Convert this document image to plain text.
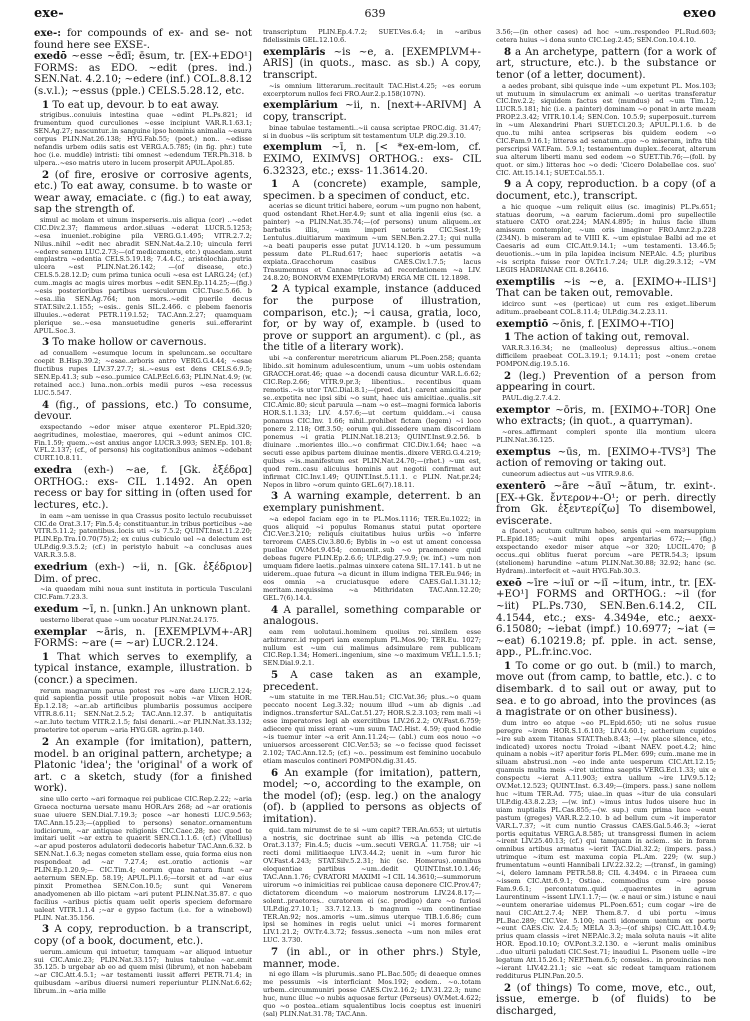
exe-	639	exeo

exe-: for compounds of ex- and se- not found here see EXSE-.

exedō ~esse ~ēdī; ēsum, tr. [EX-+EDO¹] FORMS: as EDO. ~edit (pres. ind.) SEN.Nat. 4.2.10; ~edere (inf.) COL.8.8.12 (s.v.l.); ~essus (pple.) CELS.5.28.12, etc.

1 To eat up, devour. b to eat away.

strigibus..conuiuis intestina quae ~edint PL.Ps.821; id frumentum quod curculiones ~esse incipiunt VAR.R.1.63.1; SEN.Ag.27; nascuntur..in sanguine ipso hominis animalia ~esura corpus PLIN.Nat.26.138; HYG.Fab.55; (poet.) non.. ~edisse nefandis urbem odiis satis est VERG.A.5.785; (in fig. phr.) tute hoc (i.e. muddle) intristi: tibi omnest ~edendum TER.Ph.318. b ulpera..~eso matris utero in lucem proserpit APUL.Apol.85.

2 (of fire, erosive or corrosive agents, etc.) To eat away, consume. b to waste or wear away, emaciate. c (fig.) to eat away, sap the strength of.

simul ac molam et uinum insperseris..uis aliqua (cor) ..~edet CIC.Div.2.37; flammeus ardor..siluas ~ederat LUCR.5.1253; ~esa inueniet..robigine pila VERG.G.1.495; VITR.2.7.2; Nilus..nihil ~edit nec abradit SEN.Nat.4a.2.10; uincula ferri ~edere senem LUC.2.73;—(of medicaments, etc.) quaedam..sunt emplastra ~edentia CELS.5.19.18; 7.4.4.C.; aristolochia..putria ulcera ~est PLIN.Nat.26.142; —(of disease, etc.) CELS.5.28.12.D; cum prima tunica oculi ~esa est LARG.24; (cf.) cum..magis ac magis uires morbus ~edit SEN.Ep.114.25;—(fig.) ~esis posterioribus partibus uersiculorum CIC.Tusc.5.66. b ~esa..ilia SEN.Ag.764; non mors..~edit puerile decus STAT.Silv.2.1.155; ~esis.. genis SIL.2.466. c plebem faenoris illuuies..~ederat PETR.119.l.52; TAC.Ann.2.27; quamquam plerique se..~esa mansuetudine generis sui..efferarint APUL.Soc.3.

3 To make hollow or cavernous.

ad conuallem ~esumque locum in speluncam..se occultare coepit B.Hisp.39.2; ~esae..arboris antro VERG.G.4.44; ~esae fluctibus rupes LIV.37.27.7; si..~esus est dens CELS.6.9.5; SEN.Ep.41.3; sub ~eso..pumice CALP.Ecl.6.63; PLIN.Nat.4.9; (w. retained acc.) luna..non..orbis medii puros ~esa recessus LUC.5.547.

4 (fig., of passions, etc.) To consume, devour.

exspectando ~edor miser atque exenteror PL.Epid.320; aegritudines, molestiae, maerores, qui ~edunt animos CIC. Fin.1.59; quem..~est anxius angor LUCR.3.993; SEN.Ep. 101.8; V.FL.2.137; (cf., of persons) his cogitationibus animos ~edebant CURT.10.8.11.

exedra (exh-) ~ae, f. [Gk. ἐξέδρα] ORTHOG.: exs- CIL 1.1492. An open recess or bay for sitting in (often used for lectures, etc.).

in eam ~am uenisse in qua Crassus posito lectulo recubuisset CIC.de Orat.3.17; Fin.5.4; constituantur..in tribus porticibus ~ae VITR.5.11.2; patentibus..locis uti ~is 7.5.2; QUINT.Inst.11.2.20; PLIN.Ep.Tra.10.70(75).2; ex cuius cubiculo uel ~a delectum est ULP.dig.9.3.5.2; (cf.) in peristylo habuit ~a conclusas aues VAR.R.3.5.8.

exedrium (exh-) ~ii, n. [Gk. ἐξέδριον] Dim. of prec.

~ia quaedam mihi noua sunt instituta in porticula Tusculani CIC.Fam.7.23.3.

exedum ~ī, n. [unkn.] An unknown plant.

uesterno liberat quae ~um uocatur PLIN.Nat.24.175.

exemplar ~āris, n. [EXEMPLVM+-AR] FORMS: ~are (= ~ar) LUCR.2.124.

1 That which serves to exemplify, a typical instance, example, illustration. b (concr.) a specimen.

rerum magnarum parua potest res ~are dare LUCR.2.124; quid sapientia possit utile proposuit nobis ~ar Vlixen HOR. Ep.1.2.18; ~ar..ab artificibus plumbariis possumus accipere VITR.8.6.11; SEN.Nat.2.5.2; TAC.Ann.12.37. b antiquitatis ~ar..luto tectum VITR.2.1.5; falsi denarii..~ar PLIN.Nat.33.132; praeterire tot operum ~aria HYG.GR. agrim.p.140.

2 An example (for imitation), pattern, model. b an original pattern, archetype; a Platonic 'idea'; the 'original' of a work of art. c a sketch, study (for a finished work).

sine ullo certo ~ari formaque rei publicae CIC.Rep.2.22; ~aria Graeca nocturna uersate manu HOR.Ars 268; ad ~ar orationis suae uiuere SEN.Dial.7.19.3; posce ~ar honesti LUC.9.563; TAC.Ann.15.23;—(applied to persons) senator..ornamentum iudiciorum, ~ar antiquae religionis CIC.Caec.28; nec quod te imitari uelit ~ar extra te quaerit SEN.Cl.1.1.6. (cf.) (Vitellius) ~ar apud posteros adulatorii dedecoris habetur TAC.Ann.6.32. b SEN.Nat.1.6.3; negas cometen stellam esse, quia forma eius non respondeat ad ~ar 7.27.4; est..oratio actionis ~ar PLIN.Ep.1.20.9;— CIC.Tim.4; eorum quae natura fiunt ~ar aeternum SEN.Ep. 58.19; APUL.Pl.1.6;—torsit et ad ~ar eius pinxit Promethea SEN.Con.10.5; sunt qui Venerem anadyomenen ab illo pictam ~ari putent PLIN.Nat.35.87. c quo facilius ~aribus pictis quam uelit operis speciem deformare ualeat VITR.1.1.4 ;~ar e gypso factum (i.e. for a winebowl) PLIN. Nat.35.156.

3 A copy, reproduction. b a transcript, copy (of a book, document, etc.).

uerum..amicum qui intuetur, tamquam ~ar aliquod intuetur sui CIC.Amic.23; PLIN.Nat.33.157; huius tabulae ~ar..emit 35.125. b urgebar ab eo ad quem misi (librum), et non habebam ~ar CIC.Att.4.5.1; ~ar testamenti iussit afferri PETR.71.4; in quibusdam ~aribus diuersi numeri reperiuntur PLIN.Nat.6.62; librum..in ~aria mille

transcriptum PLIN.Ep.4.7.2; SUET.Ves.6.4; in ~aribus fidelissimis GEL.12.10.6.

exemplāris ~is ~e, a. [EXEMPLVM+-ARIS] (in quots., masc. as sb.) A copy, transcript.

~is omnium litterarum..recitault TAC.Hist.4.25; ~es eorum excerptorum nullos feci FRO.Aur.2.p.158(107N).

exemplārium ~ii, n. [next+-ARIVM] A copy, transcript.

binae tabulae testamenti..~ii causa scriptae PROC.dig. 31.47; si in duobus ~iis scriptum sit testamentum ULP. dig.29.3.10.

exemplum ~ī, n. [< *ex-em-lom, cf. EXIMO, EXIMVS] ORTHOG.: exs- CIL 6.32323, etc.; exss- 11.3614.20.

1 A (concrete) example, sample, specimen. b a specimen of conduct, etc.

acerias se dicunt tritici habere, eorum ~um pugno non habent, quod ostendant Rhet.Her.4.9; sunt et alia ingenii eius (sc. a painter) ~a PLIN.Nat.35.74;—(of persons) unum aliquem..ex barbatis illis, ~um imperi ueteris CIC.Sest.19; Lentulus..diuitiarum maximum ~um SEN.Ben.2.27.1; qui nulla ~a beati pauperis esse putat JUV.14.120. b ~um pessumum pessum date PL.Rud.617; haec superioris aetatis ~a expiata..Gracchorum casibus CAES.Civ.1.7.5; lacus Trasumennus et Cannae tristia ad recordationem ~a LIV. 24.8.20; BONORVM EXEMP(LORVM) ERGA ME CIL 12.1898.

2 A typical example, instance (adduced for the purpose of illustration, comparison, etc.); ~i causa, gratia, loco, for, or by way of, example. b (used to prove or support an argument). c (pl., as the title of a literary work).

ubi ~a conferentur meretricum aliarum PL.Poen.258; quanta libido..sit hominum adulescentium, unum ~um uobis ostendam GRACCH.orat.46; quae ~a docendi causa dicuntur VAR.L.6.62; CIC.Rep.2.66; VITR.9.pr.3; libentius.. recentibus quam remotis..~is utor TAC.Dial.8.1;—(pred. dat.) carent amicitia per se..expetita nec ipsi sibi ~o sunt, haec uis amicitiae..qualis..sit CIC.Amic.80; sicut paruula —nam ~o est—magni formica laboris HOR.S.1.1.33; LIV. 4.57.6;—ut certum quiddam..~i causa ponamus CIC.Inv. 1.66; nihil..prohibet fictam (legem) ~i loco ponere 2.118; Off.3.50; eorum qui..dissedere unam discordiam ponemus ~i gratia PLIN.Nat.18.213; QUINT.Inst.9.2.56. b diuinare ..morientes illo..~o confirmat CIC.Div.1.64; haec ~a secuti esse apibus partem diuinae mentis..dixere VERG.G.4.219; quibus ~is..manifestum est PLIN.Nat.24.70;—(rhet.) ~um est, quod rem..casu alicuius hominis aut negotii confirmat aut infirmat CIC.Inv.1.49; QUINT.Inst.5.11.1. c PLIN. Nat.pr.24; Nepos in libro ~orum quinto GEL.6(7).18.11.

3 A warning example, deterrent. b an exemplary punishment.

~a edepol faciam ego in te PL.Mos.1116; TER.Eu.1022; in quos aliquid ~i populus Romanus statui putat oportere CIC.Ver.3.210; reliquis ciuitatibus huius urbis ~o inferre terrorem CAES.Civ.3.80.6; Byblis in ~o est ut ament concessa puellae OV.Met.9.454; conuenit..sub ~o praemonere quid debeas fugere PLIN.Ep.2.6.6; ULP.dig.27.9.9; (w. inf.) ~um non umquam fidere laetis..palmas uinxere catena SIL.17.141. b ut ne uiderem..quae futura ~a dicunt in illum indigna TER.Eu.946; in eos omnia ~a cruciatusque edere CAES.Gal.1.31.12; meritam..nequissima ~a Mithridaten TAC.Ann.12.20; GEL.7(6).14.4.

4 A parallel, something comparable or analogous.

eam rem uolutaui..hominem quoiius rei..similem esse arbitrarer..id repperi iam exemplum PL.Mos.90; TER.Eu. 1027; nullum est ~um cui malimus adsimulare rem publicam CIC.Rep.1.34; Homeri..ingenium, sine ~o maximum VELL.1.5.1; SEN.Dial.9.2.1.

5 A case taken as an example, precedent.

~um statuite in me TER.Hau.51; CIC.Vat.36; plus..~o quam peccato nocent Leg.3.32; nouum illud ~um ab dignis ..ad indignos..transfertur SAL.Cat.51.27; HOR.S.2.3.103; rem mali ~i esse imperatores legi ab exercitibus LIV.26.2.2; OV.Fast.6.759; adiecere qui missi erant ~um suum TAC.Hist. 4.59; quod hodie ~is tuemur inter ~a erit Ann.11.24;— (abl.) cum eos nouo ~o uniuersos arcesserent CIC.Ver.53; se ~o fecisse quod fecisset 2.102; TAC.Ann.12.5; (cf.) ~o.. pessimum est feminino uocabulo etiam masculos contineri POMPON.dig.31.45.

6 An example (for imitation), pattern, model; ~o, according to the example, on the model (of); (esp. leg.) on the analogy (of). b (applied to persons as objects of imitation).

quid..tam mirumst de te si ~um capit? TER.An.653; ut uirtutis a nostris, sic doctrinae sunt ab illis ~a petenda CIC.de Orat.3.137; Fin.4.5; ducis ~um..secuti VERG.A. 11.758; uir ~i recti domi militiaeque LIV.3.44.2; uenit in ~um furor hic OV.Fast.4.243; STAT.Silv.5.2.31; hic (sc. Homerus)..omnibus eloquentiae partibus ~um..dedit QUINT.Inst.10.1.46; TAC.Ann.1.76; CVRATORI MAXIMI ~I CIL 14.3610;—summorum uirorum ~o inimicitias rei publicae causa deponere CIC.Prov.47; dictatorem dicendum ~o maiorum nostrorum LIV.24.8.17;—solent..praetores.. curatorem ei (sc. prodigo) dare ~o furiosi ULP.dig.27.10.1; 33.7.12.13. b magnum ~um continentiae TER.An.92; nos..amoris ~um..simus uterque TIB.1.6.86; cum ipsi se homines in regis uelut unici ~i mores formarent LIV.1.21.2; OV.Tr.4.3.72; fessus..senecta ~um non miles erat LUC. 3.730.

7 (in abl., or in other phrs.) Style, manner, mode.

ni ego illam ~is plurumis..sano PL.Bac.505; di deaeque omnes me pessumis ~is interficiant Mos.192; eodem.. ~o..totam urbem..circummuniri posse CAES.Civ.2.16.2; LIV.31.22.3; nunc huc, nunc illuc ~o nubis aquosae fertur (Perseus) OV.Met.4.622; quo ~o postea..etiam squalentibus locis coeptus est inueniri (sal) PLIN.Nat.31.78; TAC.Ann.

3.56;—(in other cases) ad hoc ~um..respondeo PL.Rud.603; cetera huius ~i dona sunto CIC.Leg.2.45; SEN.Con.10.4.10.

8 a An archetype, pattern (for a work of art, structure, etc.). b the substance or tenor (of a letter, document).

a aedes probant, sibi quisque inde ~um expetunt PL. Mos.103; ut mutuum in simulacrum ex animali ~o ueritas transferatur CIC.Inv.2.2; siquidem factus est (mundus) ad ~um Tim.12; LUCR.5.181; hic (i.e. a painter) dominam ~o ponat in arte meam PROP.2.3.42; VITR.10.1.4; SEN.Con. 10.5.9; superposuit..turrem in ~um Alexandrini Phari SUET.Cl.20.3; APUL.Pl.1.6. b de quo..tu mihi antea scripseras bis quidem eodem ~o CIC.Fam.9.16.1; litteras ad senatum..quo ~o miseram, infra tibi perscripsi VAT.Fam. 5.9.1; testamentum duplex..fecerat, alterum sua alterum liberti manu sed eodem ~o SUET.Tib.76;—(foll. by quot. or sim.) litteras hoc ~o dedi: 'Cicero Dolabellae cos. suo' CIC. Att.15.14.1; SUET.Cal.55.1.

9 a A copy, reproduction. b a copy (of a document, etc.), transcript.

a hic quoque ~um reliquit eiius (sc. imaginis) PL.Ps.651; statuas deorum, ~a earum facierum..domi pro supellectile statuere CATO orat.224; MAN.4.895; in huius facie illum amissum contemplor, ~um oris imaginor FRO.Amr.2.p.228 (234N). b miseram ad te VIIII K. ~um epistulae Balbi ad me et Caesaris ad eum CIC.Att.9.14.1; ~um testamenti. 13.46.5; deuotionis..~um in pila lapidea incisum NEP.Alc. 4.5; pluribus ~is scripta fuisse reor OV.Tr.1.7.24; ULP. dig.29.3.12; ~VM LEGIS HADRIANAE CIL 8.26416.

exemptilis ~is ~e, a. [EXIMO+-ILIS¹] That can be taken out, removable.

idcirco sunt ~es (perticae) ut cum res exiget..liberum aditum..praebeant COL.8.11.4; ULP.dig.34.2.23.11.

exemptiō ~ōnis, f. [EXIMO+-TIO]

1 The action of taking out, removal.

VAR.R.3.16.34; ne (malleolus) depressus altius..~onem difficilem praebeat COL.3.19.1; 9.14.11; post ~onem cretae POMPON.dig.19.5.16.

2 (leg.) Prevention of a person from appearing in court.

PAUL.dig.2.7.4.2.

exemptor ~ōris, m. [EXIMO+-TOR] One who extracts; (in quot., a quarryman).

~ores..affirmant compleri sponte illa montium ulcera PLIN.Nat.36.125.

exemptus ~ūs, m. [EXIMO+-TVS³] The action of removing or taking out.

cuneorum adiectus aut ~us VITR.9.8.6.

exenterō ~āre ~āuī ~ātum, tr. exint-. [EX-+Gk. ἔντερον+-O¹; or perh. directly from Gk. ἐξεντερίζω] To disembowel, eviscerate.

a (facet.) acutum cultrum habeo, senis qui ~em marsuppium PL.Epid.185; ~auit mihi opes argentarias 672;— (fig.) exspectando exedor miser atque ~or 320; LUCIL.470; β occus..qui oblitus fuerat porcum ~are PETR.54.3; ipsum (stelionem) harundine ~atum PLIN.Nat.30.88; 32.92; hanc (sc. Hydram)..interfecit et ~auit HYG.Fab.30.3.

exeō ~īre ~iuī or ~iī ~itum, intr., tr. [EX-+EO¹] FORMS and ORTHOG.: ~il (for ~iit) PL.Ps.730, SEN.Ben.6.14.2, CIL 4.1544, etc.; exs- 4.3494e, etc.; aexx- 6.15080; ~iebat (impf.) 10.6977; ~iat (= ~eat) 6.10219.8; pf. pple. in act. sense, app., PL.fr.inc.voc.

1 To come or go out. b (mil.) to march, move out (from camp, to battle, etc.). c to disembark. d to sail out or away, put to sea. e to go abroad, into the provinces (as a magistrate or on other business).

dum intro eo atque ~eo PL.Epid.650; uti ne solus rusue peregre ~irem HOR.S.1.6.103; LIV.4.60.1; aetherium cupidos ~ire sub axem Titanas STAT.Theb.8.43; —(w. place silence, etc., indicated) uxores noctu Troiad ~ibant NAEV. poet.4.2; hinc quinam a nobis ~it? aperitur foris PL.Mer. 699; cum..mane me in siluam abstrusi..non ~eo inde ante uesperum CIC.Att.12.15; quamuis multa meis ~iret uictima saeptis VERG.Ecl.1.33; uix e conspectu ~ierat A.11.903; extra uallum ~ire LIV.9.5.12; OV.Met.12.523; QUINT.Inst. 6.3.49;—(impers. pass.) sane nollem huc ~itum TER.Ad. 775; uiae..in quas ~itur de uia consulari ULP.dig.43.8.2.23; —(w. inf.) ~imus intus ludos uisere huc in uiam nuptialis PL.Cas.855;—(w. sup.) cum prima luce ~eunt pastum (greges) VAR.R.2.2.10. b ad bellum cum ~it imperator VAR.L.7.37; ~it cum nuntio Crassus CAES.Gal.5.46.3; ~ierat portis equitatus VERG.A.8.585; ut transgressi flumen in aciem ~irent LIV.25.40.13; (cf.) qui tamquam in aciem.. sic in foram omnibus artibus armatus ~ierit TAC.Dial.32.2; (impers. pass.) utrimque ~itum est maxuma copia PL.Am. 229; (w. sup.) frumentatum ~eunti Hannibali LIV.22.32.2; —(transf., in gaming) ~i, delero lamnam PETR.58.8; CIL 4.3494. c in Piraeea cum ~issem CIC.Att.6.9.1; Ostiae.. commodius cum ~ire posse Fam.9.6.1; percontatum..quid ..quaerentes in agrum Laurentinum ~issent LIV.1.1.7;— (w. e naui or sim.) istunc e naui ~euntem onerariae uidemus PL.Poen.651; cum cogar ~ire de naui CIC.Att.2.7.4; NEP. Them.8.7. d ubi portu ~imus PL.Bac.289; CIC.Ver. 5.100; nacti idoneum uentum ex portu ~eunt CAES.Civ. 2.4.5; MELA 3.3;—(of ships) CIC.Att.10.4.9; prius quam classis ~iret NEP.Alc.3.2; mala soluta nauis ~it alite HOR. Epod.10.10; OV.Pont.3.2.130. e ~ierunt malis ominibus ..duo ulturii paludati CIC.Sest.71; inaudiui L. Pisonem uelle ~ire legatum Att.15.26.1; NEP.Them.6.5; consules.. in prouincias non ~ierant LIV.42.21.1; sic ~eat sic redeat tamquam rationem redditurus PLIN.Pan.20.5.

2 (of things) To come, move, etc., out, issue, emerge. b (of fluids) to be discharged,
